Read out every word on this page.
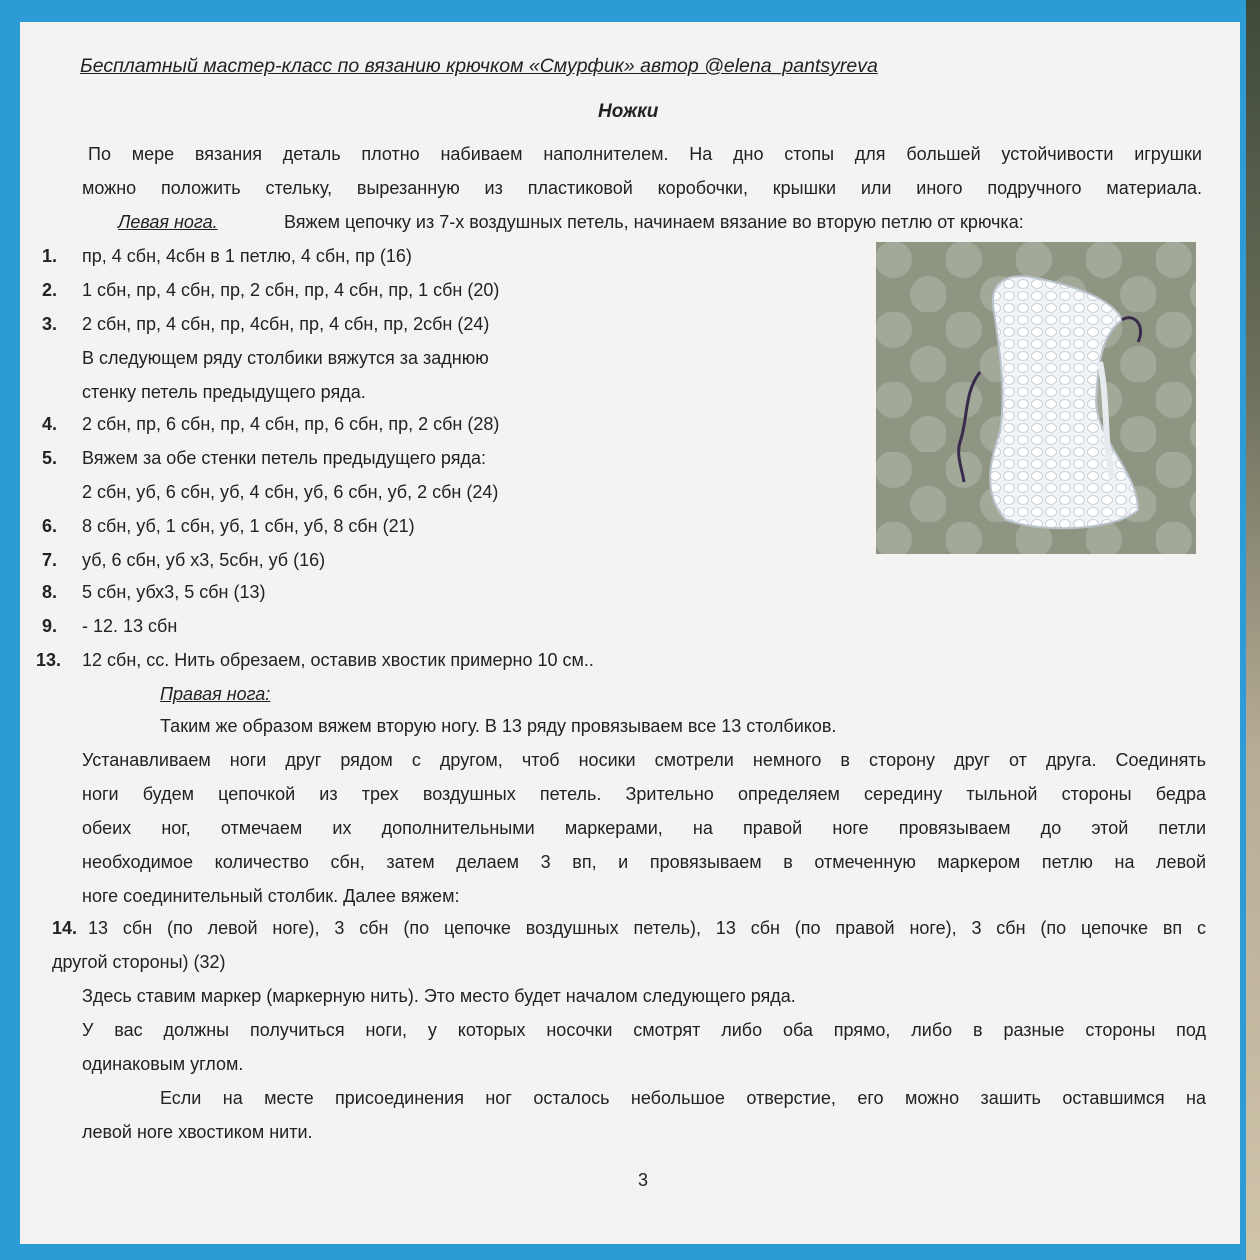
Бесплатный мастер-класс по вязанию крючком «Смурфик» автор @elena_pantsyreva
Ножки
По мере вязания деталь плотно набиваем наполнителем. На дно стопы для большей устойчивости игрушки
можно положить стельку, вырезанную из пластиковой коробочки, крышки или иного подручного материала.
Левая нога.	Вяжем цепочку из 7-х воздушных петель, начинаем вязание во вторую петлю от крючка:
1. пр, 4 сбн, 4сбн в 1 петлю, 4 сбн, пр (16)
2. 1 сбн, пр, 4 сбн, пр, 2 сбн, пр, 4 сбн, пр, 1 сбн (20)
3. 2 сбн, пр, 4 сбн, пр, 4сбн, пр, 4 сбн, пр, 2сбн (24)
В следующем ряду столбики вяжутся за заднюю
стенку петель предыдущего ряда.
4. 2 сбн, пр, 6 сбн, пр, 4 сбн, пр, 6 сбн, пр, 2 сбн (28)
5. Вяжем за обе стенки петель предыдущего ряда:
2 сбн, уб, 6 сбн, уб, 4 сбн, уб, 6 сбн, уб, 2 сбн (24)
6. 8 сбн, уб, 1 сбн, уб, 1 сбн, уб, 8 сбн (21)
7. уб, 6 сбн, уб х3, 5сбн, уб (16)
8. 5 сбн, убх3, 5 сбн (13)
9. - 12. 13 сбн
13. 12 сбн, сс. Нить обрезаем, оставив хвостик примерно 10 см..
Правая нога:
Таким же образом вяжем вторую ногу. В 13 ряду провязываем все 13 столбиков.
Устанавливаем ноги друг рядом с другом, чтоб носики смотрели немного в сторону друг от друга. Соединять
ноги будем цепочкой из трех воздушных петель. Зрительно определяем середину тыльной стороны бедра
обеих ног, отмечаем их дополнительными маркерами, на правой ноге провязываем до этой петли
необходимое количество сбн, затем делаем 3 вп, и провязываем в отмеченную маркером петлю на левой
ноге соединительный столбик. Далее вяжем:
14. 13 сбн (по левой ноге), 3 сбн (по цепочке воздушных петель), 13 сбн (по правой ноге), 3 сбн (по цепочке вп с
другой стороны) (32)
Здесь ставим маркер (маркерную нить). Это место будет началом следующего ряда.
У вас должны получиться ноги, у которых носочки смотрят либо оба прямо, либо в разные стороны под
одинаковым углом.
Если на месте присоединения ног осталось небольшое отверстие, его можно зашить оставшимся на
левой ноге хвостиком нити.
3
